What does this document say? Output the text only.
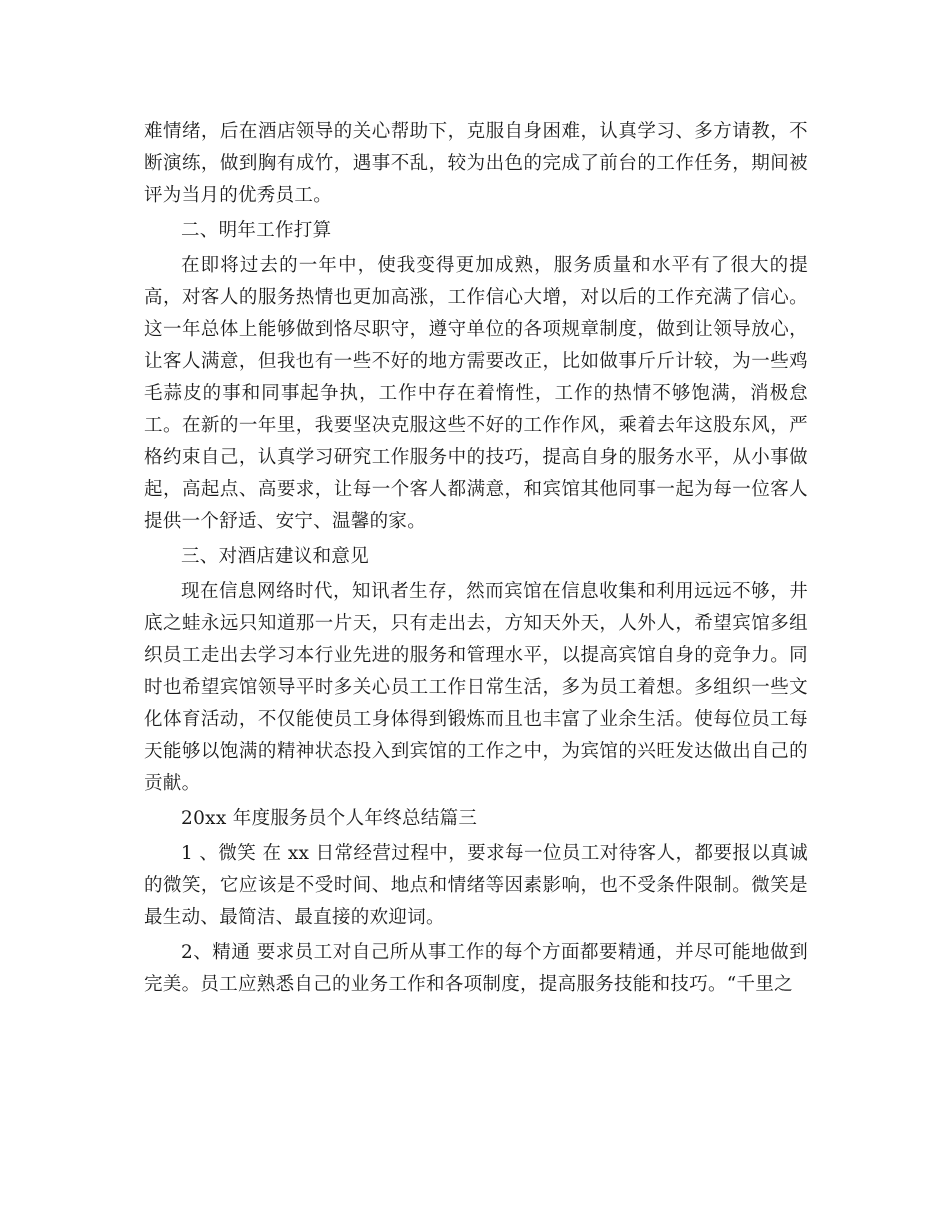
难情绪，后在酒店领导的关心帮助下，克服自身困难，认真学习、多方请教，不断演练，做到胸有成竹，遇事不乱，较为出色的完成了前台的工作任务，期间被评为当月的优秀员工。

二、明年工作打算

在即将过去的一年中，使我变得更加成熟，服务质量和水平有了很大的提高，对客人的服务热情也更加高涨，工作信心大增，对以后的工作充满了信心。这一年总体上能够做到恪尽职守，遵守单位的各项规章制度，做到让领导放心，让客人满意，但我也有一些不好的地方需要改正，比如做事斤斤计较，为一些鸡毛蒜皮的事和同事起争执，工作中存在着惰性，工作的热情不够饱满，消极怠工。在新的一年里，我要坚决克服这些不好的工作作风，乘着去年这股东风，严格约束自己，认真学习研究工作服务中的技巧，提高自身的服务水平，从小事做起，高起点、高要求，让每一个客人都满意，和宾馆其他同事一起为每一位客人提供一个舒适、安宁、温馨的家。

三、对酒店建议和意见

现在信息网络时代，知讯者生存，然而宾馆在信息收集和利用远远不够，井底之蛙永远只知道那一片天，只有走出去，方知天外天，人外人，希望宾馆多组织员工走出去学习本行业先进的服务和管理水平，以提高宾馆自身的竞争力。同时也希望宾馆领导平时多关心员工工作日常生活，多为员工着想。多组织一些文化体育活动，不仅能使员工身体得到锻炼而且也丰富了业余生活。使每位员工每天能够以饱满的精神状态投入到宾馆的工作之中，为宾馆的兴旺发达做出自己的贡献。

20xx 年度服务员个人年终总结篇三

1 、微笑 在 xx 日常经营过程中，要求每一位员工对待客人，都要报以真诚的微笑，它应该是不受时间、地点和情绪等因素影响，也不受条件限制。微笑是最生动、最简洁、最直接的欢迎词。

2、精通 要求员工对自己所从事工作的每个方面都要精通，并尽可能地做到完美。员工应熟悉自己的业务工作和各项制度，提高服务技能和技巧。“千里之
